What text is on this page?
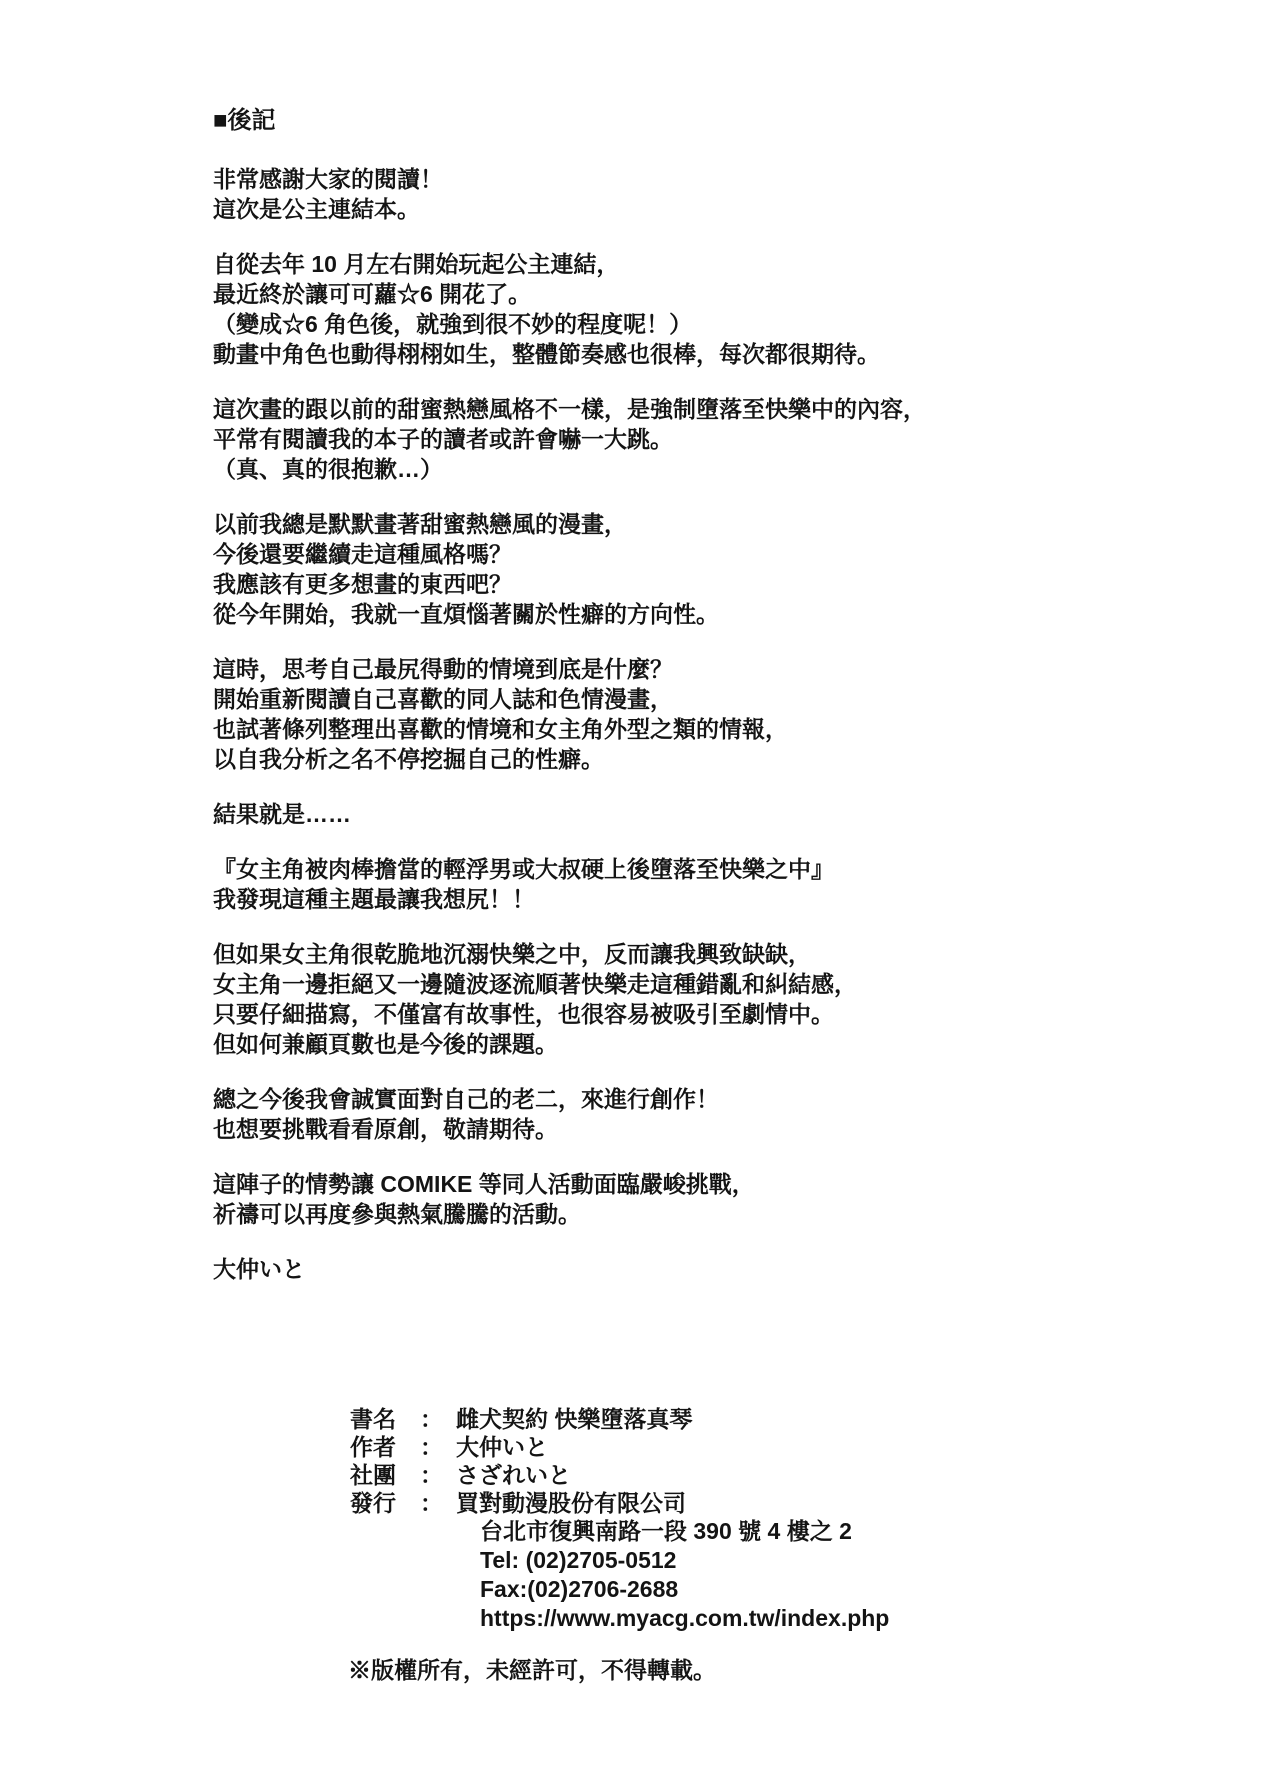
■後記

非常感謝大家的閱讀！
這次是公主連結本。

自從去年 10 月左右開始玩起公主連結，
最近終於讓可可蘿☆6 開花了。
（變成☆6 角色後，就強到很不妙的程度呢！）
動畫中角色也動得栩栩如生，整體節奏感也很棒，每次都很期待。

這次畫的跟以前的甜蜜熱戀風格不一樣，是強制墮落至快樂中的內容，
平常有閱讀我的本子的讀者或許會嚇一大跳。
（真、真的很抱歉…）

以前我總是默默畫著甜蜜熱戀風的漫畫，
今後還要繼續走這種風格嗎？
我應該有更多想畫的東西吧？
從今年開始，我就一直煩惱著關於性癖的方向性。

這時，思考自己最尻得動的情境到底是什麼？
開始重新閱讀自己喜歡的同人誌和色情漫畫，
也試著條列整理出喜歡的情境和女主角外型之類的情報，
以自我分析之名不停挖掘自己的性癖。

結果就是……

『女主角被肉棒擔當的輕浮男或大叔硬上後墮落至快樂之中』
我發現這種主題最讓我想尻！！

但如果女主角很乾脆地沉溺快樂之中，反而讓我興致缺缺，
女主角一邊拒絕又一邊隨波逐流順著快樂走這種錯亂和糾結感，
只要仔細描寫，不僅富有故事性，也很容易被吸引至劇情中。
但如何兼顧頁數也是今後的課題。

總之今後我會誠實面對自己的老二，來進行創作！
也想要挑戰看看原創，敬請期待。

這陣子的情勢讓 COMIKE 等同人活動面臨嚴峻挑戰，
祈禱可以再度參與熱氣騰騰的活動。

大仲いと
書名	： 雌犬契約 快樂墮落真琴
作者	： 大仲いと
社團	： さざれいと
發行	： 買對動漫股份有限公司
台北市復興南路一段 390 號 4 樓之 2
Tel: (02)2705-0512
Fax:(02)2706-2688
https://www.myacg.com.tw/index.php
※版權所有，未經許可，不得轉載。
